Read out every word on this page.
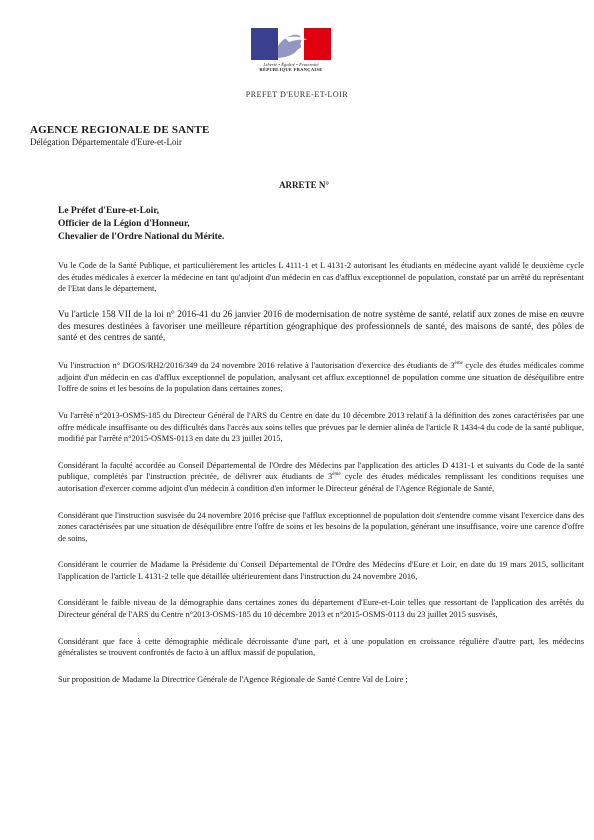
Liberté • Égalité • Fraternité
RÉPUBLIQUE FRANÇAISE
PREFET D'EURE-ET-LOIR
AGENCE REGIONALE DE SANTE
Délégation Départementale d'Eure-et-Loir
ARRETE N°
Le Préfet d'Eure-et-Loir,
Officier de la Légion d'Honneur,
Chevalier de l'Ordre National du Mérite.

Vu le Code de la Santé Publique, et particulièrement les articles L 4111-1 et L 4131-2 autorisant les étudiants en médecine ayant validé le deuxième cycle des études médicales à exercer la médecine en tant qu'adjoint d'un médecin en cas d'afflux exceptionnel de population, constaté par un arrêté du représentant de l'Etat dans le département,

Vu l'article 158 VII de la loi n° 2016-41 du 26 janvier 2016 de modernisation de notre système de santé, relatif aux zones de mise en œuvre des mesures destinées à favoriser une meilleure répartition géographique des professionnels de santé, des maisons de santé, des pôles de santé et des centres de santé,

Vu l'instruction n° DGOS/RH2/2016/349 du 24 novembre 2016 relative à l'autorisation d'exercice des étudiants de 3ème cycle des études médicales comme adjoint d'un médecin en cas d'afflux exceptionnel de population, analysant cet afflux exceptionnel de population comme une situation de déséquilibre entre l'offre de soins et les besoins de la population dans certaines zones,

Vu l'arrêté n°2013-OSMS-185 du Directeur Général de l'ARS du Centre en date du 10 décembre 2013 relatif à la définition des zones caractérisées par une offre médicale insuffisante ou des difficultés dans l'accès aux soins telles que prévues par le dernier alinéa de l'article R 1434-4 du code de la santé publique, modifié par l'arrêté n°2015-OSMS-0113 en date du 23 juillet 2015,

Considérant la faculté accordée au Conseil Départemental de l'Ordre des Médecins par l'application des articles D 4131-1 et suivants du Code de la santé publique, complétés par l'instruction précitée, de délivrer aux étudiants de 3ème cycle des études médicales remplissant les conditions requises une autorisation d'exercer comme adjoint d'un médecin à condition d'en informer le Directeur général de l'Agence Régionale de Santé,

Considérant que l'instruction susvisée du 24 novembre 2016 précise que l'afflux exceptionnel de population doit s'entendre comme visant l'exercice dans des zones caractérisées par une situation de déséquilibre entre l'offre de soins et les besoins de la population, générant une insuffisance, voire une carence d'offre de soins,

Considérant le courrier de Madame la Présidente du Conseil Départemental de l'Ordre des Médecins d'Eure et Loir, en date du 19 mars 2015, sollicitant l'application de l'article L 4131-2 telle que détaillée ultérieurement dans l'instruction du 24 novembre 2016,

Considérant le faible niveau de la démographie dans certaines zones du département d'Eure-et-Loir telles que ressortant de l'application des arrêtés du Directeur général de l'ARS du Centre n°2013-OSMS-185 du 10 décembre 2013 et n°2015-OSMS-0113 du 23 juillet 2015 susvisés,

Considérant que face à cette démographie médicale décroissante d'une part, et à une population en croissance régulière d'autre part, les médecins généralistes se trouvent confrontés de facto à un afflux massif de population,

Sur proposition de Madame la Directrice Générale de l'Agence Régionale de Santé Centre Val de Loire ;
